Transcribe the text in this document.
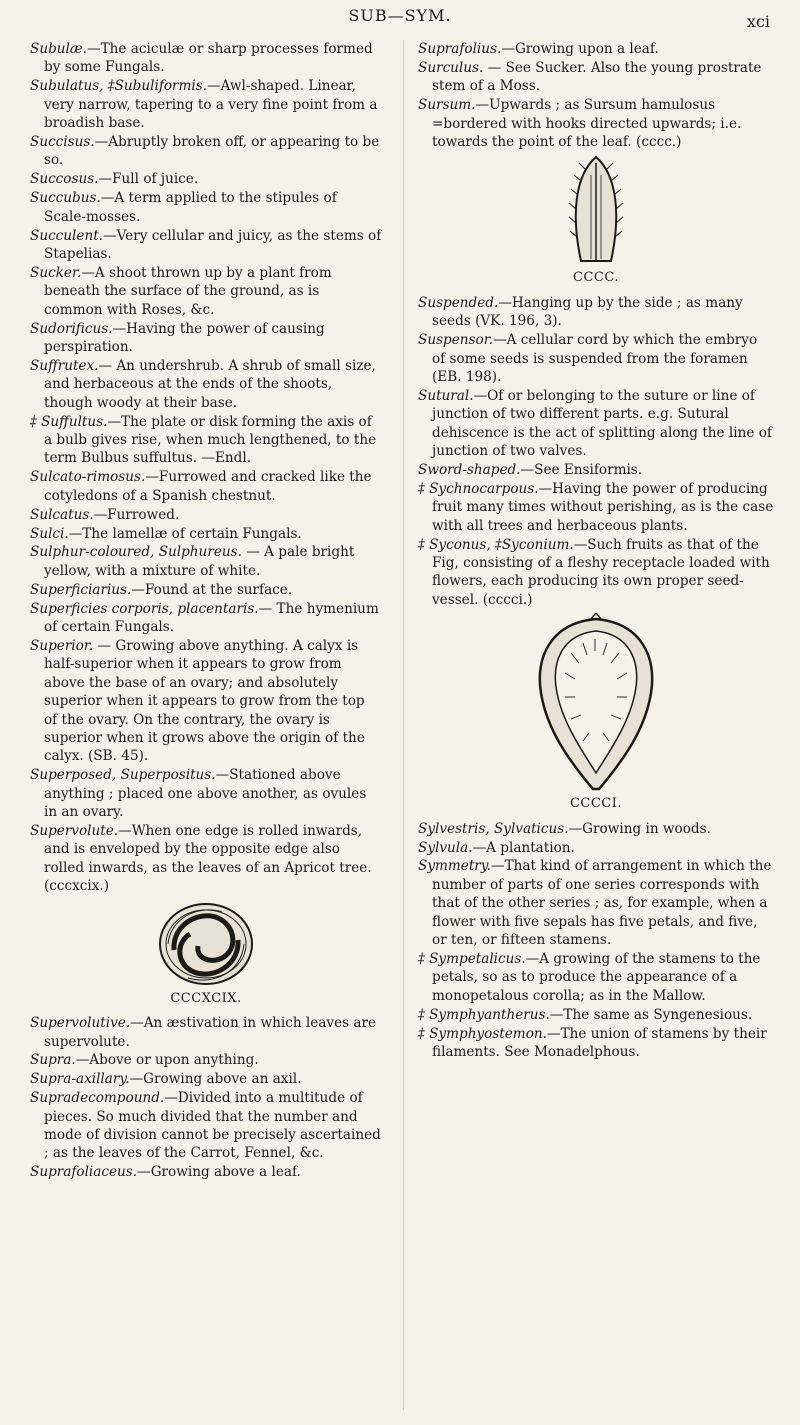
SUB—SYM.	xci
Subulæ.—The aciculæ or sharp processes formed by some Fungals.
Subulatus, ‡Subuliformis.—Awl-shaped. Linear, very narrow, tapering to a very fine point from a broadish base.
Succisus.—Abruptly broken off, or appearing to be so.
Succosus.—Full of juice.
Succubus.—A term applied to the stipules of Scale-mosses.
Succulent.—Very cellular and juicy, as the stems of Stapelias.
Sucker.—A shoot thrown up by a plant from beneath the surface of the ground, as is common with Roses, &c.
Sudorificus.—Having the power of causing perspiration.
Suffrutex.— An undershrub. A shrub of small size, and herbaceous at the ends of the shoots, though woody at their base.
‡ Suffultus.—The plate or disk forming the axis of a bulb gives rise, when much lengthened, to the term Bulbus suffultus. —Endl.
Sulcato-rimosus.—Furrowed and cracked like the cotyledons of a Spanish chestnut.
Sulcatus.—Furrowed.
Sulci.—The lamellæ of certain Fungals.
Sulphur-coloured, Sulphureus. — A pale bright yellow, with a mixture of white.
Superficiarius.—Found at the surface.
Superficies corporis, placentaris.— The hymenium of certain Fungals.
Superior. — Growing above anything. A calyx is half-superior when it appears to grow from above the base of an ovary; and absolutely superior when it appears to grow from the top of the ovary. On the contrary, the ovary is superior when it grows above the origin of the calyx. (SB. 45).
Superposed, Superpositus.—Stationed above anything ; placed one above another, as ovules in an ovary.
Supervolute.—When one edge is rolled inwards, and is enveloped by the opposite edge also rolled inwards, as the leaves of an Apricot tree. (cccxcix.)
CCCXCIX.
Supervolutive.—An æstivation in which leaves are supervolute.
Supra.—Above or upon anything.
Supra-axillary.—Growing above an axil.
Supradecompound.—Divided into a multitude of pieces. So much divided that the number and mode of division cannot be precisely ascertained ; as the leaves of the Carrot, Fennel, &c.
Suprafoliaceus.—Growing above a leaf.
Suprafolius.—Growing upon a leaf.
Surculus. — See Sucker. Also the young prostrate stem of a Moss.
Sursum.—Upwards ; as Sursum hamulosus =bordered with hooks directed upwards; i.e. towards the point of the leaf. (cccc.)
CCCC.
Suspended.—Hanging up by the side ; as many seeds (VK. 196, 3).
Suspensor.—A cellular cord by which the embryo of some seeds is suspended from the foramen (EB. 198).
Sutural.—Of or belonging to the suture or line of junction of two different parts. e.g. Sutural dehiscence is the act of splitting along the line of junction of two valves.
Sword-shaped.—See Ensiformis.
‡ Sychnocarpous.—Having the power of producing fruit many times without perishing, as is the case with all trees and herbaceous plants.
‡ Syconus, ‡Syconium.—Such fruits as that of the Fig, consisting of a fleshy receptacle loaded with flowers, each producing its own proper seed-vessel. (cccci.)
CCCCI.
Sylvestris, Sylvaticus.—Growing in woods.
Sylvula.—A plantation.
Symmetry.—That kind of arrangement in which the number of parts of one series corresponds with that of the other series ; as, for example, when a flower with five sepals has five petals, and five, or ten, or fifteen stamens.
‡ Sympetalicus.—A growing of the stamens to the petals, so as to produce the appearance of a monopetalous corolla; as in the Mallow.
‡ Symphyantherus.—The same as Syngenesious.
‡ Symphyostemon.—The union of stamens by their filaments. See Monadelphous.
